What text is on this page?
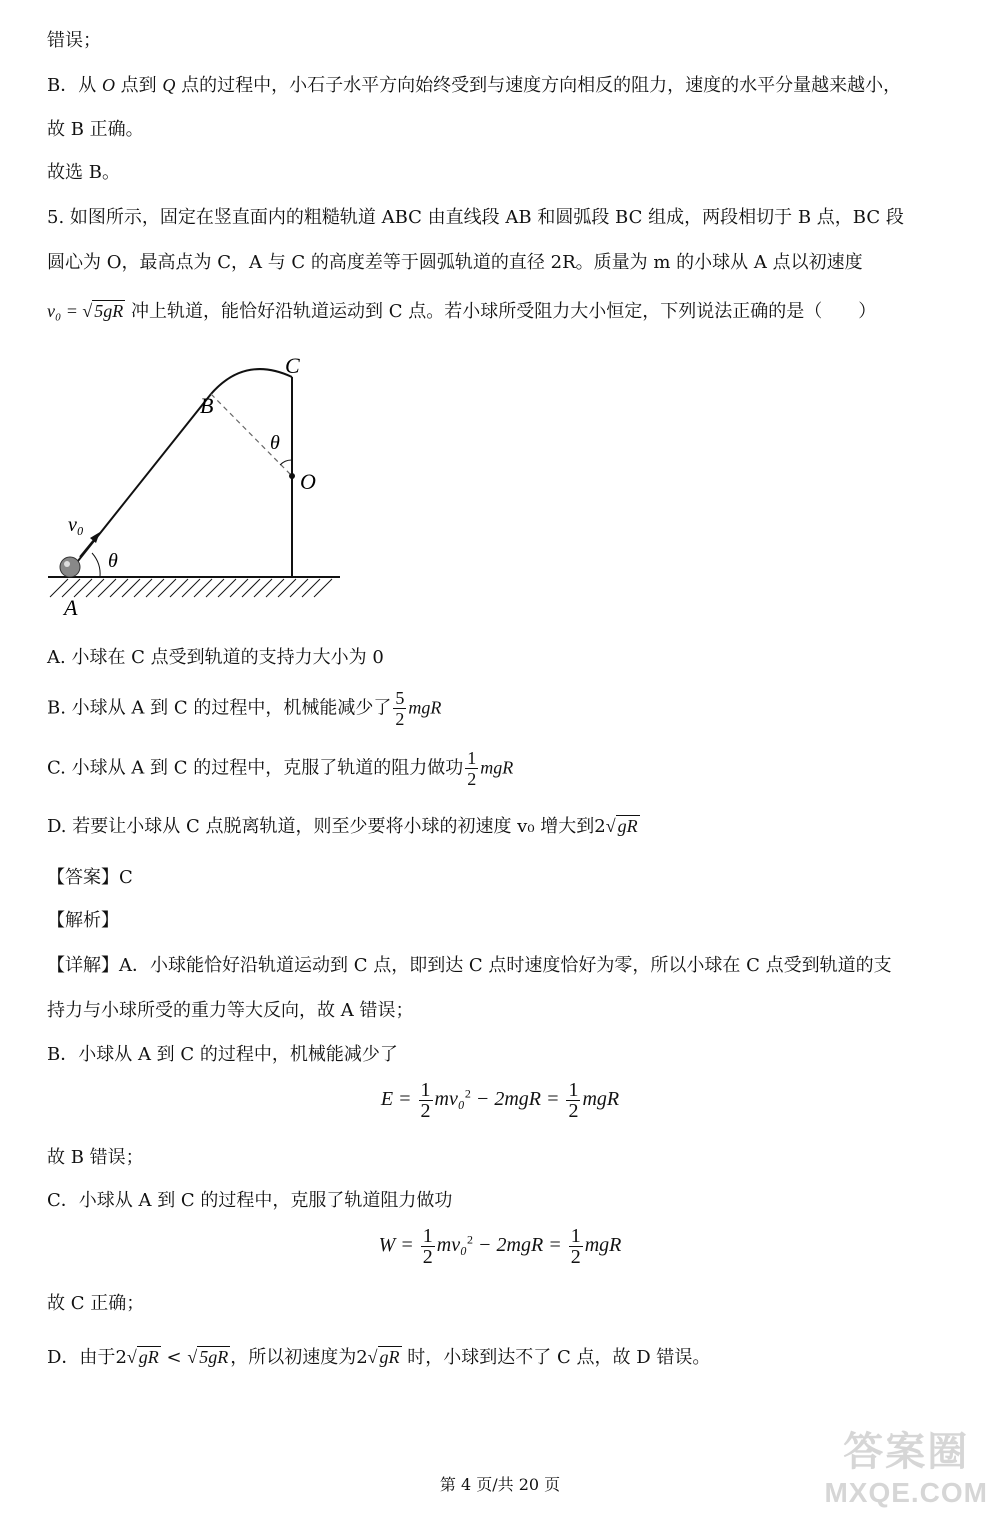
错误；
B．从 O 点到 Q 点的过程中，小石子水平方向始终受到与速度方向相反的阻力，速度的水平分量越来越小，
故 B 正确。
故选 B。
5. 如图所示，固定在竖直面内的粗糙轨道 ABC 由直线段 AB 和圆弧段 BC 组成，两段相切于 B 点，BC 段
圆心为 O，最高点为 C，A 与 C 的高度差等于圆弧轨道的直径 2R。质量为 m 的小球从 A 点以初速度
v₀ = √ 5gR 冲上轨道，能恰好沿轨道运动到 C 点。若小球所受阻力大小恒定，下列说法正确的是（　　）
C
B
O
A
θ
θ
v₀
A. 小球在 C 点受到轨道的支持力大小为 0
B. 小球从 A 到 C 的过程中，机械能减少了 $\frac{5}{2}$ mgR
C. 小球从 A 到 C 的过程中，克服了轨道的阻力做功 $\frac{1}{2}$ mgR
D. 若要让小球从 C 点脱离轨道，则至少要将小球的初速度 v₀ 增大到2√ gR
【答案】C
【解析】
【详解】A．小球能恰好沿轨道运动到 C 点，即到达 C 点时速度恰好为零，所以小球在 C 点受到轨道的支
持力与小球所受的重力等大反向，故 A 错误；
B．小球从 A 到 C 的过程中，机械能减少了
$E = \frac{1}{2} mv_0^2 - 2mgR = \frac{1}{2}$ mgR
故 B 错误；
C．小球从 A 到 C 的过程中，克服了轨道阻力做功
$W = \frac{1}{2} mv_0^2 - 2mgR = \frac{1}{2}$ mgR
故 C 正确；
D．由于2√ gR < √ 5gR ，所以初速度为2√ gR 时，小球到达不了 C 点，故 D 错误。
答案圈
MXQE.COM
第 4 页/共 20 页
